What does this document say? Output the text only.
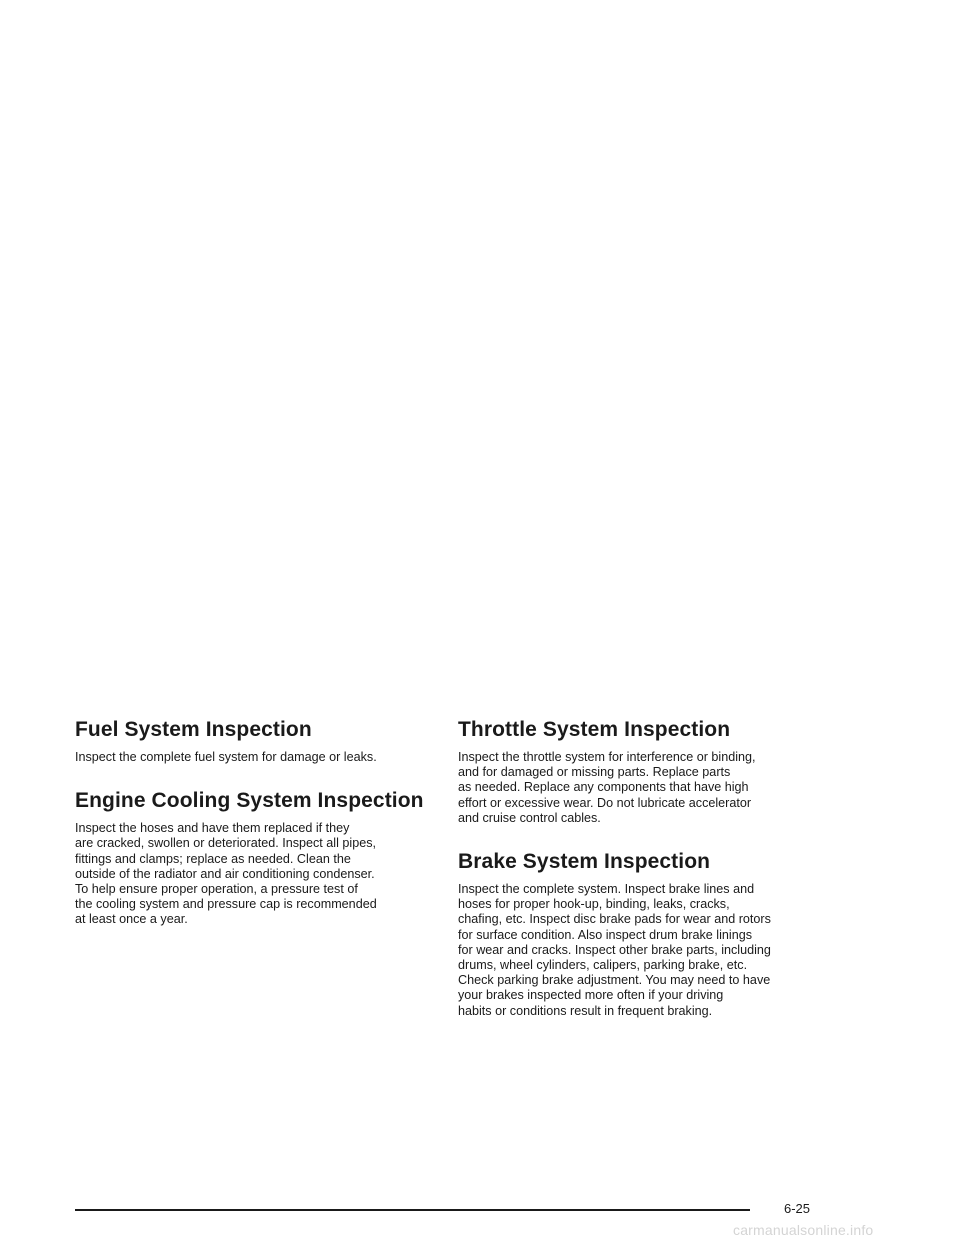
Fuel System Inspection

Inspect the complete fuel system for damage or leaks.

Engine Cooling System Inspection

Inspect the hoses and have them replaced if they
are cracked, swollen or deteriorated. Inspect all pipes,
fittings and clamps; replace as needed. Clean the
outside of the radiator and air conditioning condenser.
To help ensure proper operation, a pressure test of
the cooling system and pressure cap is recommended
at least once a year.

Throttle System Inspection

Inspect the throttle system for interference or binding,
and for damaged or missing parts. Replace parts
as needed. Replace any components that have high
effort or excessive wear. Do not lubricate accelerator
and cruise control cables.

Brake System Inspection

Inspect the complete system. Inspect brake lines and
hoses for proper hook-up, binding, leaks, cracks,
chafing, etc. Inspect disc brake pads for wear and rotors
for surface condition. Also inspect drum brake linings
for wear and cracks. Inspect other brake parts, including
drums, wheel cylinders, calipers, parking brake, etc.
Check parking brake adjustment. You may need to have
your brakes inspected more often if your driving
habits or conditions result in frequent braking.

6-25
carmanualsonline.info
